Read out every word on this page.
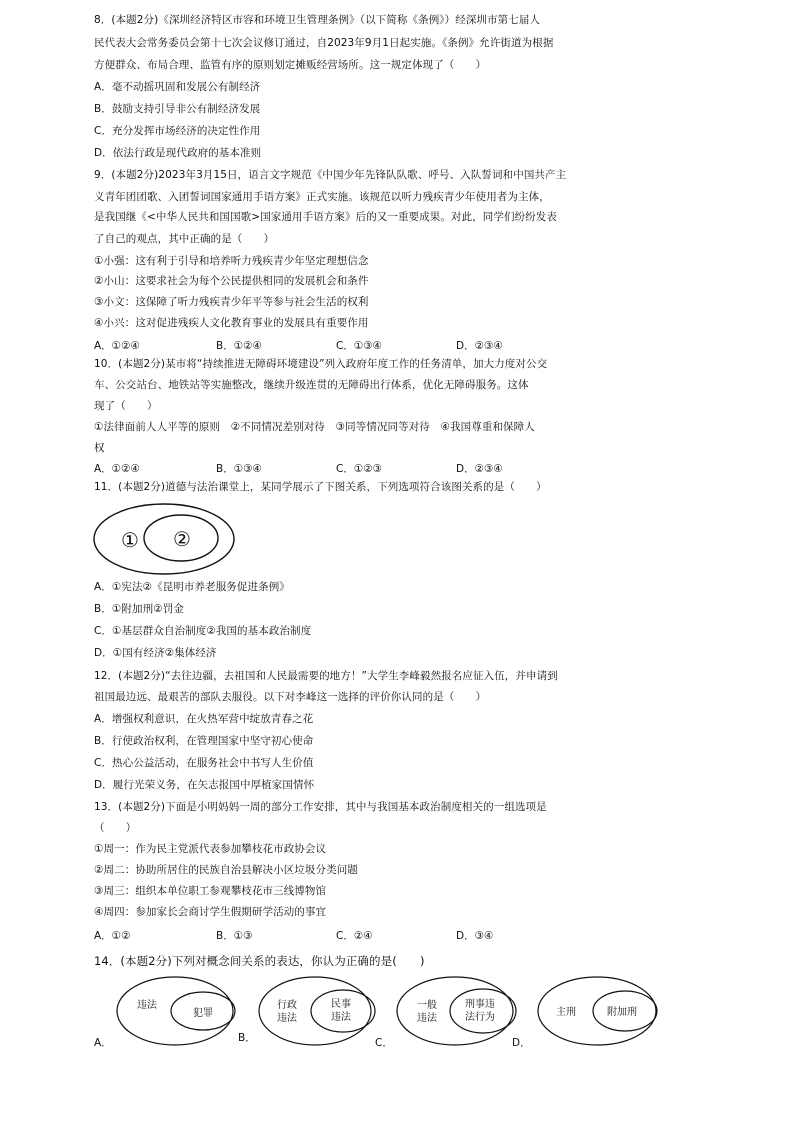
8．(本题2分)《深圳经济特区市容和环境卫生管理条例》（以下简称《条例》）经深圳市第七届人
民代表大会常务委员会第十七次会议修订通过，自2023年9月1日起实施。《条例》允许街道为根据
方便群众、布局合理、监管有序的原则划定摊贩经营场所。这一规定体现了（　　）
A．毫不动摇巩固和发展公有制经济
B．鼓励支持引导非公有制经济发展
C．充分发挥市场经济的决定性作用
D．依法行政是现代政府的基本准则
9．(本题2分)2023年3月15日，语言文字规范《中国少年先锋队队歌、呼号、入队誓词和中国共产主
义青年团团歌、入团誓词国家通用手语方案》正式实施。该规范以听力残疾青少年使用者为主体，
是我国继《<中华人民共和国国歌>国家通用手语方案》后的又一重要成果。对此，同学们纷纷发表
了自己的观点，其中正确的是（　　）
①小强：这有利于引导和培养听力残疾青少年坚定理想信念
②小山：这要求社会为每个公民提供相同的发展机会和条件
③小文：这保障了听力残疾青少年平等参与社会生活的权利
④小兴：这对促进残疾人文化教育事业的发展具有重要作用
A．①②④	B．①②④	C．①③④	D．②③④
10．(本题2分)某市将“持续推进无障碍环境建设”列入政府年度工作的任务清单，加大力度对公交
车、公交站台、地铁站等实施整改，继续升级连贯的无障碍出行体系，优化无障碍服务。这体
现了（　　）
①法律面前人人平等的原则　②不同情况差别对待　③同等情况同等对待　④我国尊重和保障人
权
A．①②④	B．①③④	C．①②③	D．②③④
11．(本题2分)道德与法治课堂上，某同学展示了下图关系，下列选项符合该图关系的是（　　）
① ②
A．①宪法②《昆明市养老服务促进条例》
B．①附加刑②罚金
C．①基层群众自治制度②我国的基本政治制度
D．①国有经济②集体经济
12．(本题2分)“去往边疆，去祖国和人民最需要的地方！”大学生李峰毅然报名应征入伍，并申请到
祖国最边远、最艰苦的部队去服役。以下对李峰这一选择的评价你认同的是（　　）
A．增强权利意识，在火热军营中绽放青春之花
B．行使政治权利，在管理国家中坚守初心使命
C．热心公益活动，在服务社会中书写人生价值
D．履行光荣义务，在矢志报国中厚植家国情怀
13．(本题2分)下面是小明妈妈一周的部分工作安排，其中与我国基本政治制度相关的一组选项是
（　　）
①周一：作为民主党派代表参加攀枝花市政协会议
②周二：协助所居住的民族自治县解决小区垃圾分类问题
③周三：组织本单位职工参观攀枝花市三线博物馆
④周四：参加家长会商讨学生假期研学活动的事宜
A．①②	B．①③	C．②④	D．③④
14．(本题2分)下列对概念间关系的表达，你认为正确的是(　　)
违法
犯罪
A．
行政
违法
民事
违法
B．
一般
违法
刑事违
法行为
C．
主刑	附加刑
D．
